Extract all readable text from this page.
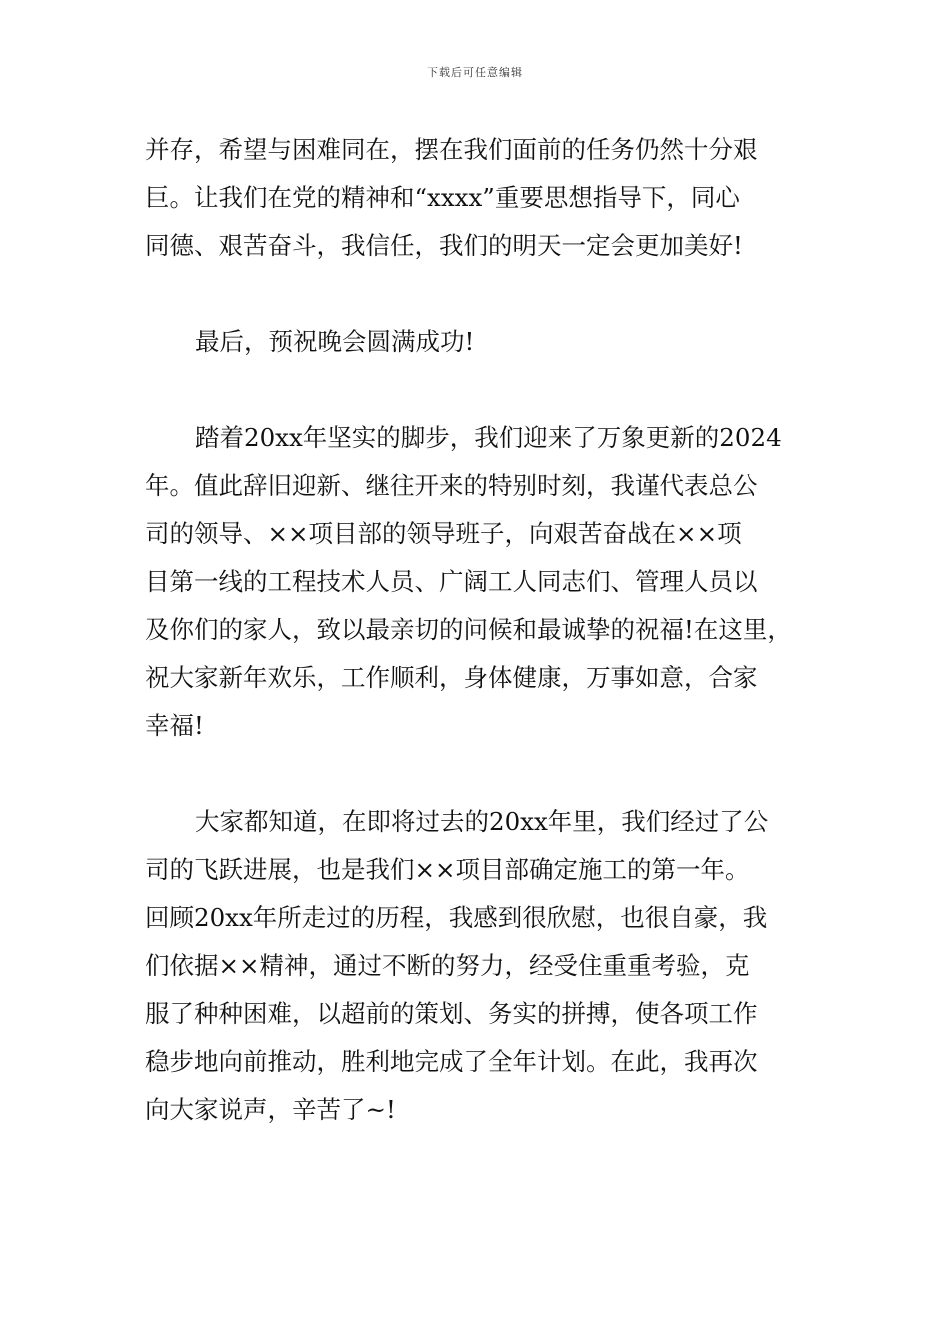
下载后可任意编辑
并存，希望与困难同在，摆在我们面前的任务仍然十分艰
巨。让我们在党的精神和“xxxx”重要思想指导下，同心
同德、艰苦奋斗，我信任，我们的明天一定会更加美好!
最后，预祝晚会圆满成功!
踏着20xx年坚实的脚步，我们迎来了万象更新的2024
年。值此辞旧迎新、继往开来的特别时刻，我谨代表总公
司的领导、××项目部的领导班子，向艰苦奋战在××项
目第一线的工程技术人员、广阔工人同志们、管理人员以
及你们的家人，致以最亲切的问候和最诚挚的祝福!在这里，
祝大家新年欢乐，工作顺利，身体健康，万事如意，合家
幸福!
大家都知道，在即将过去的20xx年里，我们经过了公
司的飞跃进展，也是我们××项目部确定施工的第一年。
回顾20xx年所走过的历程，我感到很欣慰，也很自豪，我
们依据××精神，通过不断的努力，经受住重重考验，克
服了种种困难，以超前的策划、务实的拼搏，使各项工作
稳步地向前推动，胜利地完成了全年计划。在此，我再次
向大家说声，辛苦了~!
